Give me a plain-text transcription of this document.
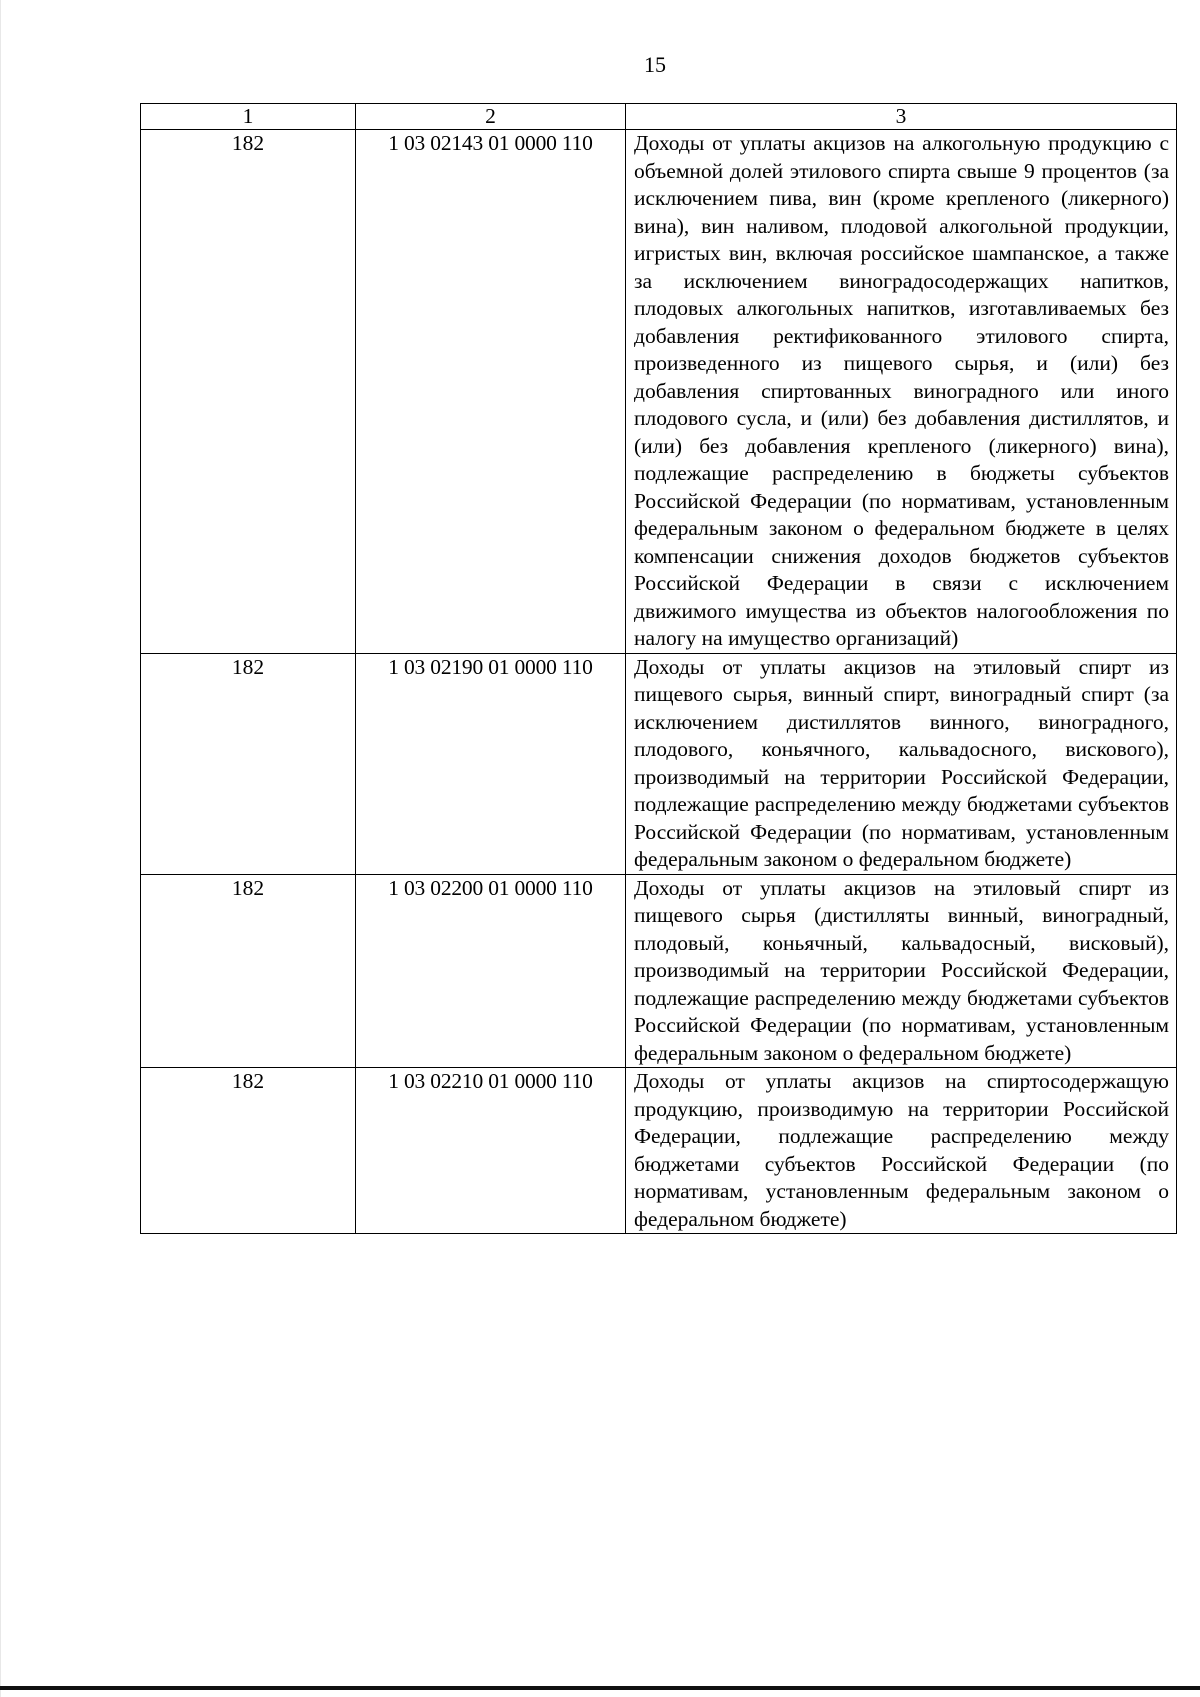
15
1	2	3
182	1 03 02143 01 0000 110	Доходы от уплаты акцизов на алкогольную продукцию с объемной долей этилового спирта свыше 9 процентов (за исключением пива, вин (кроме крепленого (ликерного) вина), вин наливом, плодовой алкогольной продукции, игристых вин, включая российское шампанское, а также за исключением виноградосодержащих напитков, плодовых алкогольных напитков, изготавливаемых без добавления ректификованного этилового спирта, произведенного из пищевого сырья, и (или) без добавления спиртованных виноградного или иного плодового сусла, и (или) без добавления дистиллятов, и (или) без добавления крепленого (ликерного) вина), подлежащие распределению в бюджеты субъектов Российской Федерации (по нормативам, установленным федеральным законом о федеральном бюджете в целях компенсации снижения доходов бюджетов субъектов Российской Федерации в связи с исключением движимого имущества из объектов налогообложения по налогу на имущество организаций)
182	1 03 02190 01 0000 110	Доходы от уплаты акцизов на этиловый спирт из пищевого сырья, винный спирт, виноградный спирт (за исключением дистиллятов винного, виноградного, плодового, коньячного, кальвадосного, вискового), производимый на территории Российской Федерации, подлежащие распределению между бюджетами субъектов Российской Федерации (по нормативам, установленным федеральным законом о федеральном бюджете)
182	1 03 02200 01 0000 110	Доходы от уплаты акцизов на этиловый спирт из пищевого сырья (дистилляты винный, виноградный, плодовый, коньячный, кальвадосный, висковый), производимый на территории Российской Федерации, подлежащие распределению между бюджетами субъектов Российской Федерации (по нормативам, установленным федеральным законом о федеральном бюджете)
182	1 03 02210 01 0000 110	Доходы от уплаты акцизов на спиртосодержащую продукцию, производимую на территории Российской Федерации, подлежащие распределению между бюджетами субъектов Российской Федерации (по нормативам, установленным федеральным законом о федеральном бюджете)
